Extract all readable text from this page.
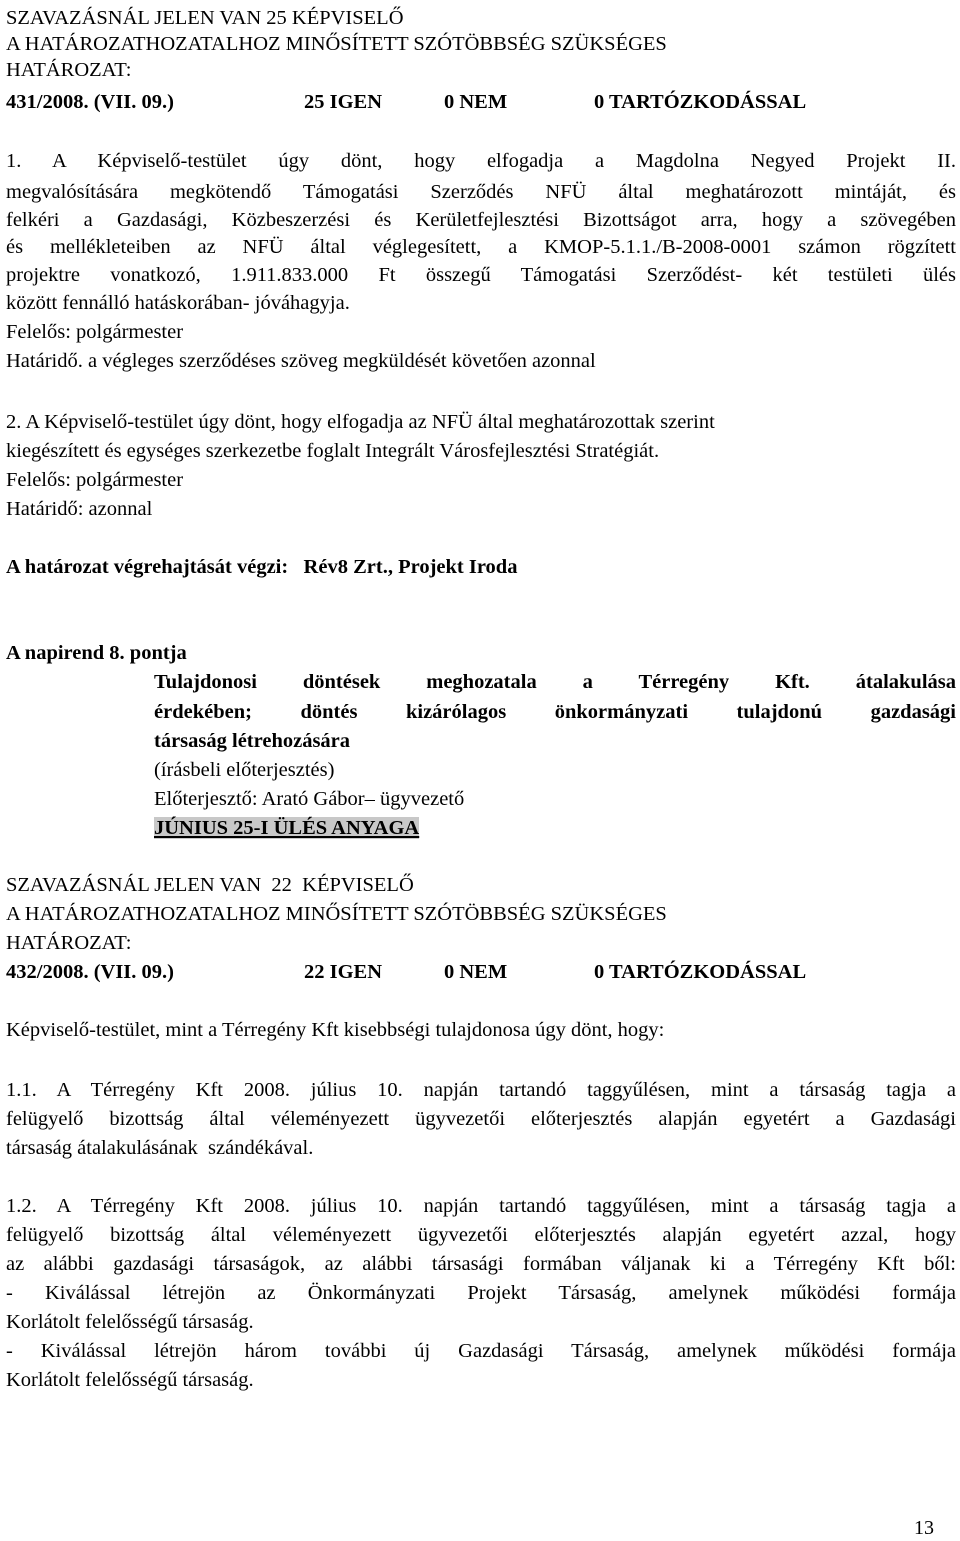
SZAVAZÁSNÁL JELEN VAN 25 KÉPVISELŐ
A HATÁROZATHOZATALHOZ MINŐSÍTETT SZÓTÖBBSÉG SZÜKSÉGES
HATÁROZAT:
431/2008. (VII. 09.)	25 IGEN	0 NEM	0 TARTÓZKODÁSSAL
1. A Képviselő-testület úgy dönt, hogy elfogadja a Magdolna Negyed Projekt II.
megvalósítására megkötendő Támogatási Szerződés NFÜ által meghatározott mintáját, és
felkéri a Gazdasági, Közbeszerzési és Kerületfejlesztési Bizottságot arra, hogy a szövegében
és mellékleteiben az NFÜ által véglegesített, a KMOP-5.1.1./B-2008-0001 számon rögzített
projektre vonatkozó, 1.911.833.000 Ft összegű Támogatási Szerződést- két testületi ülés
között fennálló hatáskorában- jóváhagyja.
Felelős: polgármester
Határidő. a végleges szerződéses szöveg megküldését követően azonnal
2. A Képviselő-testület úgy dönt, hogy elfogadja az NFÜ által meghatározottak szerint
kiegészített és egységes szerkezetbe foglalt Integrált Városfejlesztési Stratégiát.
Felelős: polgármester
Határidő: azonnal
A határozat végrehajtását végzi:   Rév8 Zrt., Projekt Iroda
A napirend 8. pontja
Tulajdonosi döntések meghozatala a Térregény Kft. átalakulása
érdekében; döntés kizárólagos önkormányzati tulajdonú gazdasági
társaság létrehozására
(írásbeli előterjesztés)
Előterjesztő: Arató Gábor– ügyvezető
JÚNIUS 25-I ÜLÉS ANYAGA
SZAVAZÁSNÁL JELEN VAN  22  KÉPVISELŐ
A HATÁROZATHOZATALHOZ MINŐSÍTETT SZÓTÖBBSÉG SZÜKSÉGES
HATÁROZAT:
432/2008. (VII. 09.)	22 IGEN	0 NEM	0 TARTÓZKODÁSSAL
Képviselő-testület, mint a Térregény Kft kisebbségi tulajdonosa úgy dönt, hogy:
1.1. A Térregény Kft 2008. július 10. napján tartandó taggyűlésen, mint a társaság tagja a
felügyelő bizottság által véleményezett ügyvezetői előterjesztés alapján egyetért a Gazdasági
társaság átalakulásának  szándékával.
1.2. A Térregény Kft 2008. július 10. napján tartandó taggyűlésen, mint a társaság tagja a
felügyelő bizottság által véleményezett ügyvezetői előterjesztés alapján egyetért azzal, hogy
az alábbi gazdasági társaságok, az alábbi társasági formában váljanak ki a Térregény Kft ből:
- Kiválással létrejön az Önkormányzati Projekt Társaság, amelynek működési formája
Korlátolt felelősségű társaság.
- Kiválással létrejön három további új Gazdasági Társaság, amelynek működési formája
Korlátolt felelősségű társaság.
13
